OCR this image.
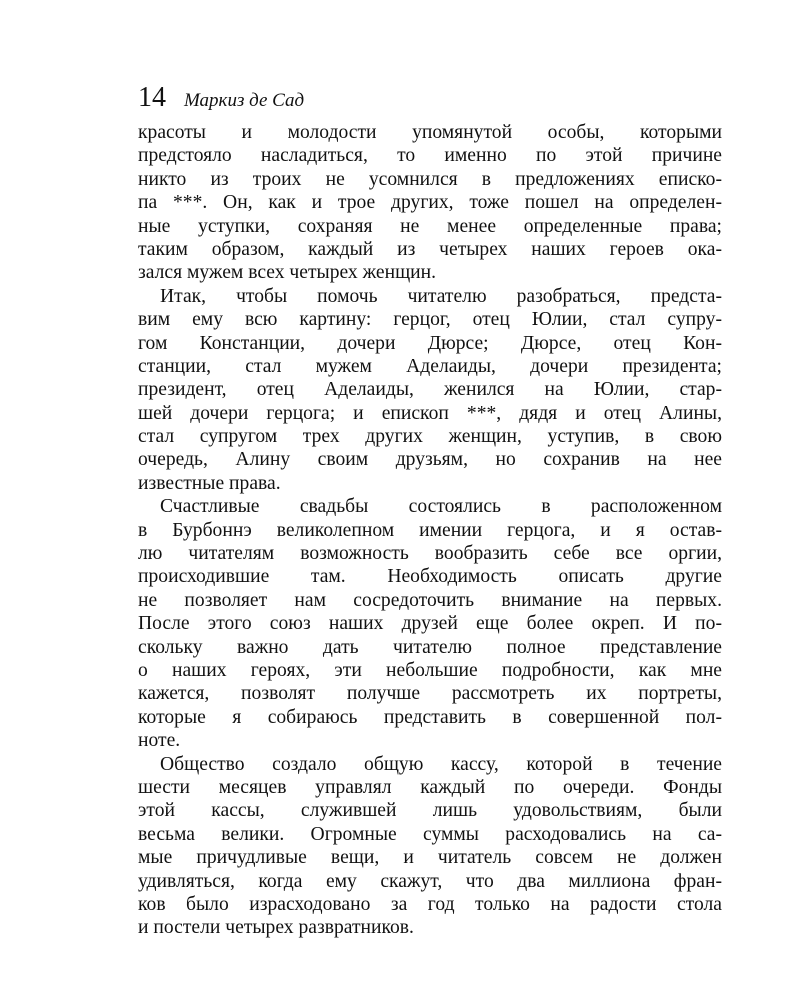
14 Маркиз де Сад
красоты и молодости упомянутой особы, которыми
предстояло насладиться, то именно по этой причине
никто из троих не усомнился в предложениях еписко-
па ***. Он, как и трое других, тоже пошел на определен-
ные уступки, сохраняя не менее определенные права;
таким образом, каждый из четырех наших героев ока-
зался мужем всех четырех женщин.
Итак, чтобы помочь читателю разобраться, предста-
вим ему всю картину: герцог, отец Юлии, стал супру-
гом Констанции, дочери Дюрсе; Дюрсе, отец Кон-
станции, стал мужем Аделаиды, дочери президента;
президент, отец Аделаиды, женился на Юлии, стар-
шей дочери герцога; и епископ ***, дядя и отец Алины,
стал супругом трех других женщин, уступив, в свою
очередь, Алину своим друзьям, но сохранив на нее
известные права.
Счастливые свадьбы состоялись в расположенном
в Бурбоннэ великолепном имении герцога, и я остав-
лю читателям возможность вообразить себе все оргии,
происходившие там. Необходимость описать другие
не позволяет нам сосредоточить внимание на первых.
После этого союз наших друзей еще более окреп. И по-
скольку важно дать читателю полное представление
о наших героях, эти небольшие подробности, как мне
кажется, позволят получше рассмотреть их портреты,
которые я собираюсь представить в совершенной пол-
ноте.
Общество создало общую кассу, которой в течение
шести месяцев управлял каждый по очереди. Фонды
этой кассы, служившей лишь удовольствиям, были
весьма велики. Огромные суммы расходовались на са-
мые причудливые вещи, и читатель совсем не должен
удивляться, когда ему скажут, что два миллиона фран-
ков было израсходовано за год только на радости стола
и постели четырех развратников.
